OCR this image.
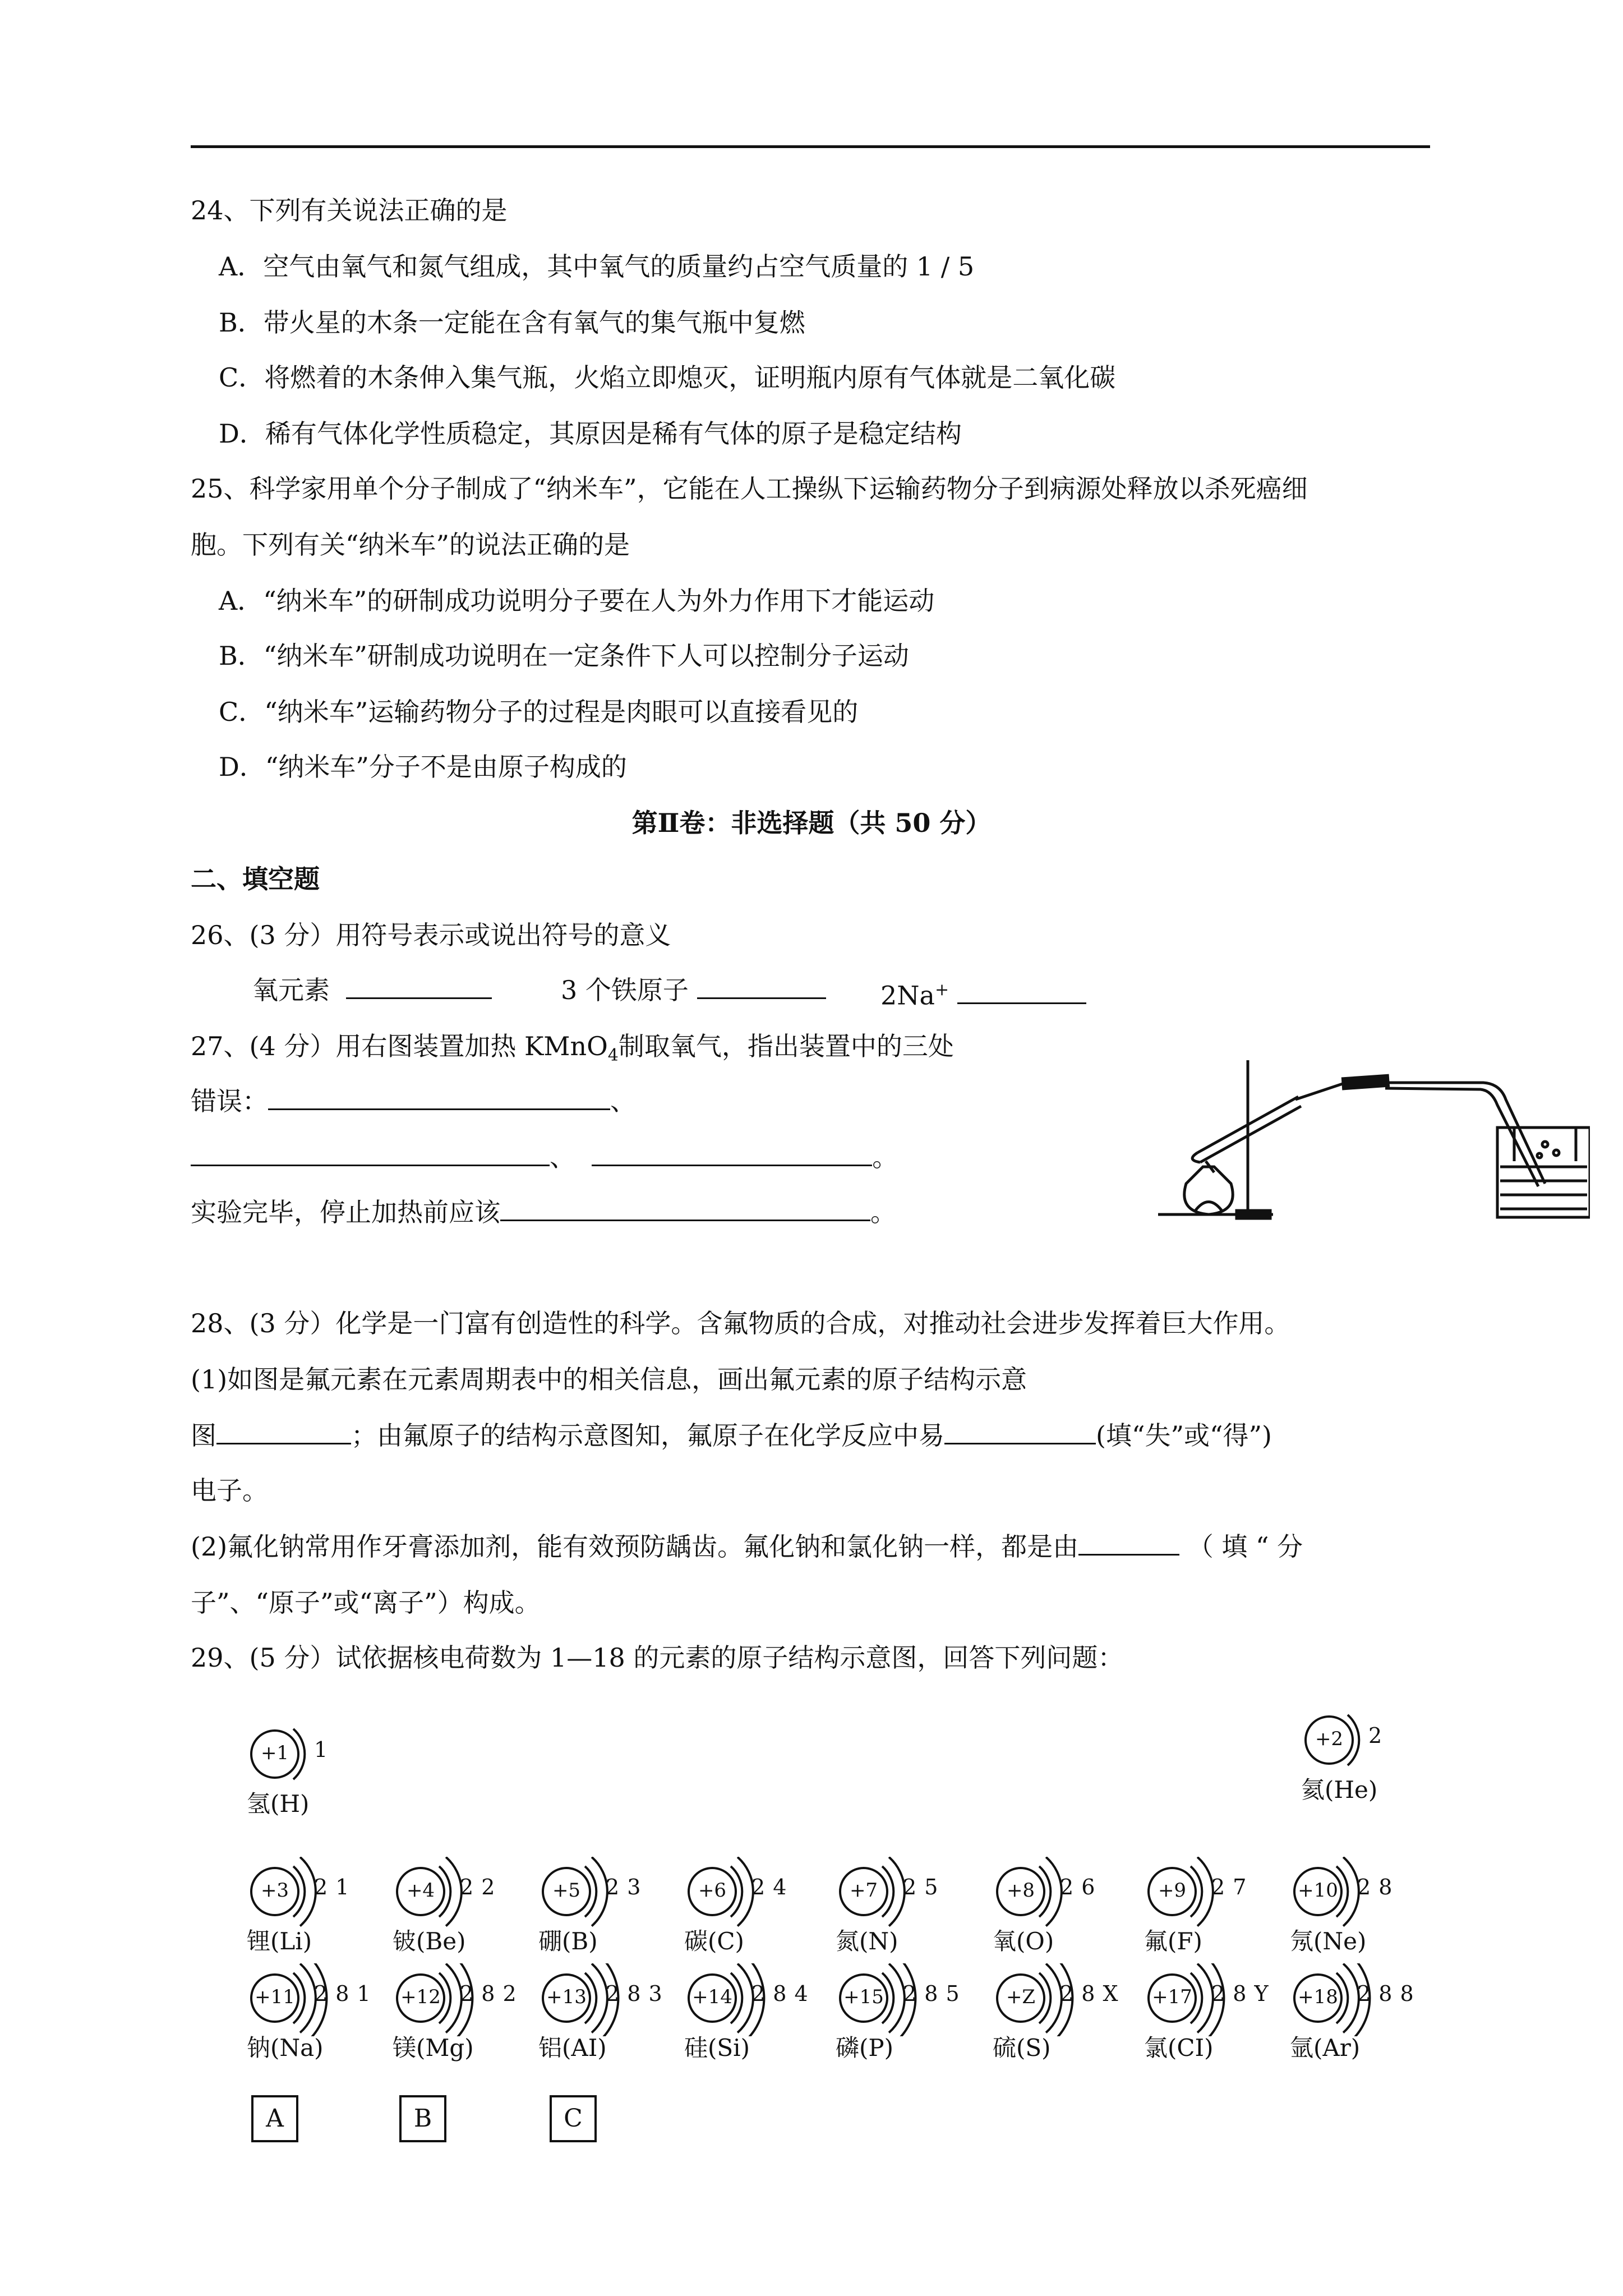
24、下列有关说法正确的是
A．空气由氧气和氮气组成，其中氧气的质量约占空气质量的 1 / 5
B．带火星的木条一定能在含有氧气的集气瓶中复燃
C．将燃着的木条伸入集气瓶，火焰立即熄灭，证明瓶内原有气体就是二氧化碳
D．稀有气体化学性质稳定，其原因是稀有气体的原子是稳定结构
25、科学家用单个分子制成了“纳米车”，它能在人工操纵下运输药物分子到病源处释放以杀死癌细
胞。下列有关“纳米车”的说法正确的是
A．“纳米车”的研制成功说明分子要在人为外力作用下才能运动
B．“纳米车”研制成功说明在一定条件下人可以控制分子运动
C．“纳米车”运输药物分子的过程是肉眼可以直接看见的
D．“纳米车”分子不是由原子构成的
第Ⅱ卷：非选择题（共 50 分）
二、填空题
26、(3 分）用符号表示或说出符号的意义
氧元素	3 个铁原子	2Na+
27、(4 分）用右图装置加热 KMnO$_4$制取氧气，指出装置中的三处
错误：	、
、	。
实验完毕，停止加热前应该	。
28、(3 分）化学是一门富有创造性的科学。含氟物质的合成，对推动社会进步发挥着巨大作用。
(1)如图是氟元素在元素周期表中的相关信息，画出氟元素的原子结构示意
图	；由氟原子的结构示意图知，氟原子在化学反应中易	(填“失”或“得”)
电子。
(2)氟化钠常用作牙膏添加剂，能有效预防龋齿。氟化钠和氯化钠一样，都是由	（ 填 “ 分
子”、“原子”或“离子”）构成。
29、(5 分）试依据核电荷数为 1—18 的元素的原子结构示意图，回答下列问题：
+1	1
氢(H)
+2	2
氦(He)
+3	2 1
锂(Li)
+4	2 2
铍(Be)
+5	2 3
硼(B)
+6	2 4
碳(C)
+7	2 5
氮(N)
+8	2 6
氧(O)
+9	2 7
氟(F)
+10 2 8
氖(Ne)
+11 2 8 1
钠(Na)
+12 2 8 2
镁(Mg)
+13 2 8 3
铝(AI)
+14 2 8 4
硅(Si)
+15 2 8 5
磷(P)
+Z	2 8 X
硫(S)
+17 2 8 Y
氯(CI)
+18 2 8 8
氩(Ar)
A	B	C
